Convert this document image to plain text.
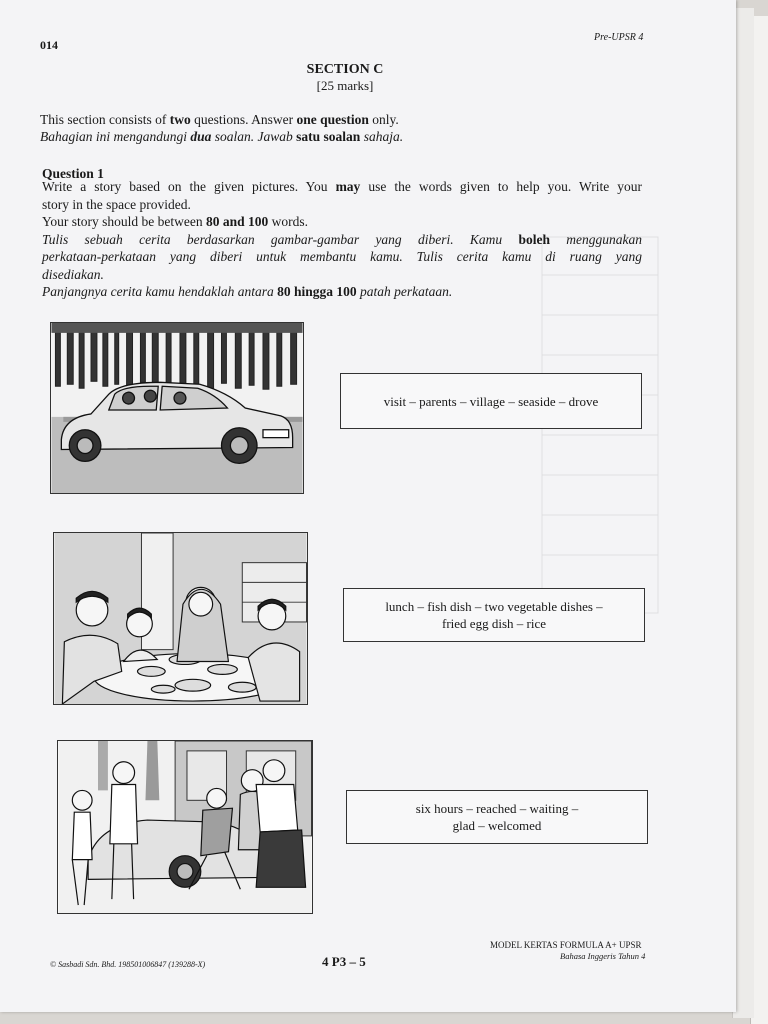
014
Pre-UPSR 4
SECTION C
[25 marks]
This section consists of two questions. Answer one question only.
Bahagian ini mengandungi dua soalan. Jawab satu soalan sahaja.
Question 1
Write a story based on the given pictures. You may use the words given to help you. Write your
story in the space provided.
Your story should be between 80 and 100 words.
Tulis sebuah cerita berdasarkan gambar-gambar yang diberi. Kamu boleh menggunakan
perkataan-perkataan yang diberi untuk membantu kamu. Tulis cerita kamu di ruang yang
disediakan.
Panjangnya cerita kamu hendaklah antara 80 hingga 100 patah perkataan.
visit – parents – village – seaside – drove
lunch – fish dish – two vegetable dishes –
fried egg dish – rice
six hours – reached – waiting –
glad – welcomed
© Sasbadi Sdn. Bhd. 198501006847 (139288-X)	4 P3 – 5
MODEL KERTAS FORMULA A+ UPSR
Bahasa Inggeris Tahun 4
